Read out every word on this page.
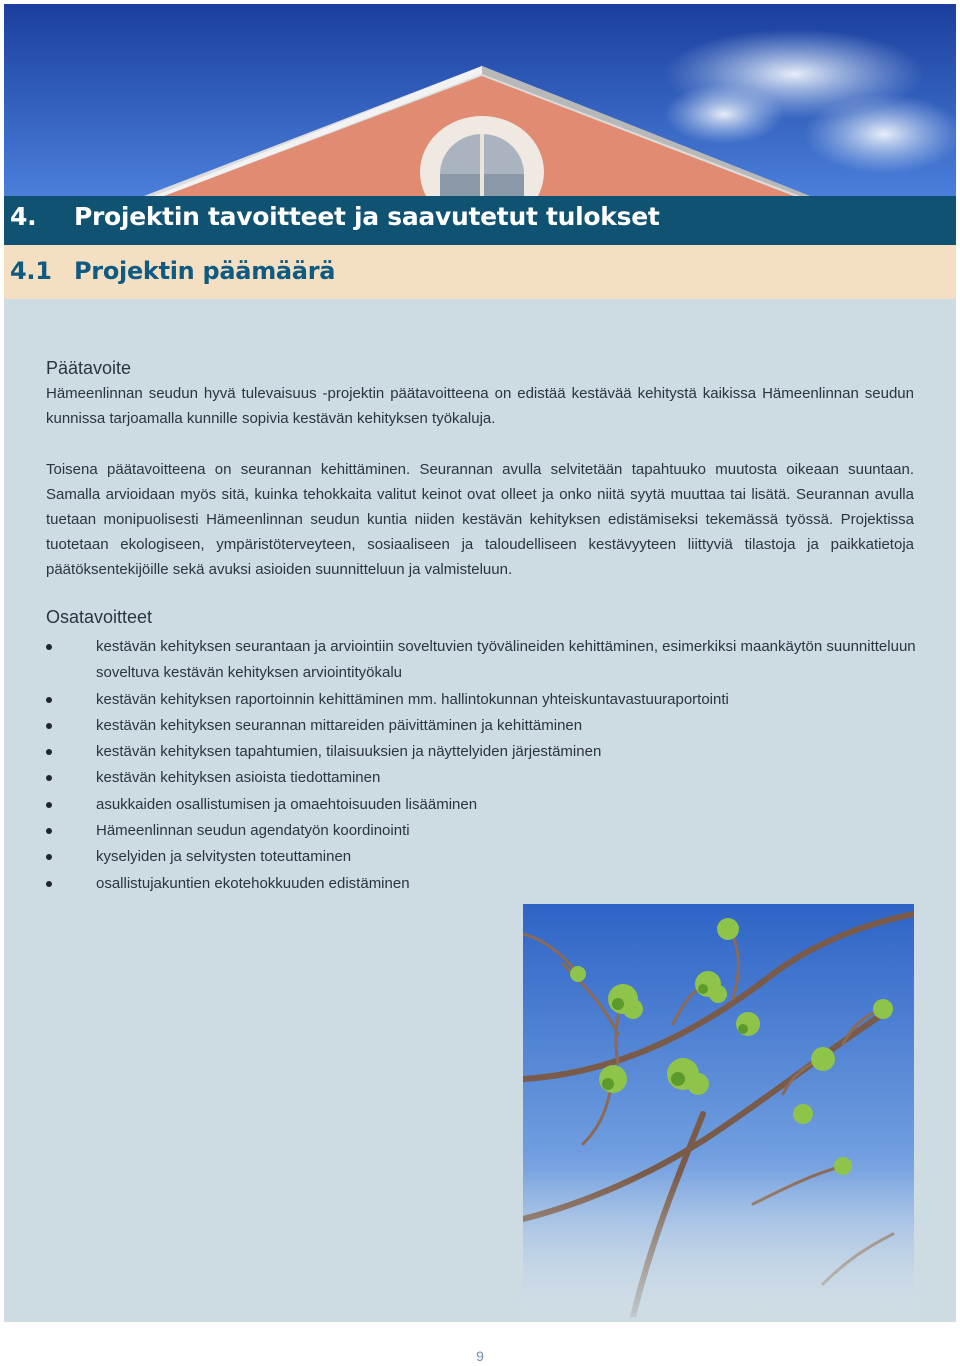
4. Projektin tavoitteet ja saavutetut tulokset
4.1 Projektin päämäärä
Päätavoite

Hämeenlinnan seudun hyvä tulevaisuus -projektin päätavoitteena on edistää kestävää kehitystä kaikissa Hämeenlinnan seudun kunnissa tarjoamalla kunnille sopivia kestävän kehityksen työkaluja.

Toisena päätavoitteena on seurannan kehittäminen. Seurannan avulla selvitetään tapahtuuko muutosta oikeaan suuntaan. Samalla arvioidaan myös sitä, kuinka tehokkaita valitut keinot ovat olleet ja onko niitä syytä muuttaa tai lisätä. Seurannan avulla tuetaan monipuolisesti Hämeenlinnan seudun kuntia niiden kestävän kehityksen edistämiseksi tekemässä työssä. Projektissa tuotetaan ekologiseen, ympäristöterveyteen, sosiaaliseen ja taloudelliseen kestävyyteen liittyviä tilastoja ja paikkatietoja päätöksentekijöille sekä avuksi asioiden suunnitteluun ja valmisteluun.

Osatavoitteet
kestävän kehityksen seurantaan ja arviointiin soveltuvien työvälineiden kehittäminen, esimerkiksi maankäytön suunnitteluun soveltuva kestävän kehityksen arviointityökalu
kestävän kehityksen raportoinnin kehittäminen mm. hallintokunnan yhteiskuntavastuuraportointi
kestävän kehityksen seurannan mittareiden päivittäminen ja kehittäminen
kestävän kehityksen tapahtumien, tilaisuuksien ja näyttelyiden järjestäminen
kestävän kehityksen asioista tiedottaminen
asukkaiden osallistumisen ja omaehtoisuuden lisääminen
Hämeenlinnan seudun agendatyön koordinointi
kyselyiden ja selvitysten toteuttaminen
osallistujakuntien ekotehokkuuden edistäminen
9
